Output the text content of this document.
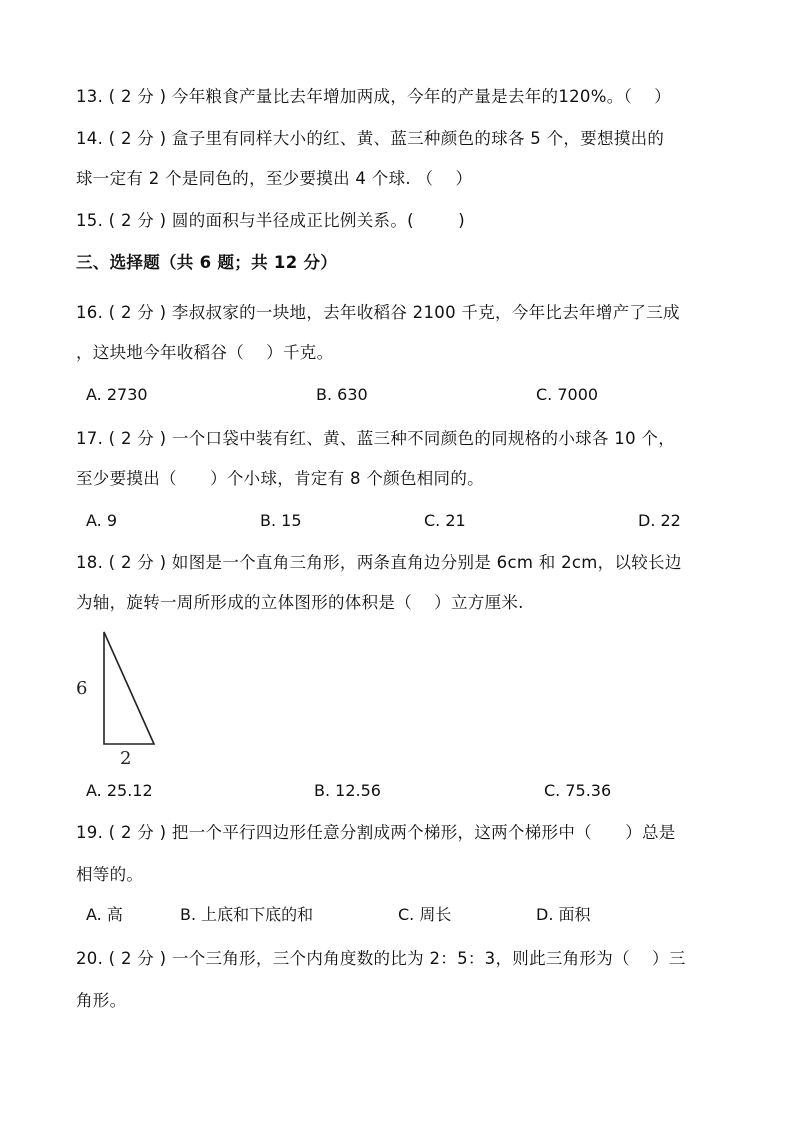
13. ( 2 分 ) 今年粮食产量比去年增加两成，今年的产量是去年的120%。（    ）
14. ( 2 分 ) 盒子里有同样大小的红、黄、蓝三种颜色的球各 5 个，要想摸出的
球一定有 2 个是同色的，至少要摸出 4 个球. （    ）
15. ( 2 分 ) 圆的面积与半径成正比例关系。(        )
三、选择题（共 6 题；共 12 分）
16. ( 2 分 ) 李叔叔家的一块地，去年收稻谷 2100 千克，今年比去年增产了三成
，这块地今年收稻谷（    ）千克。
A. 2730	B. 630	C. 7000
17. ( 2 分 ) 一个口袋中装有红、黄、蓝三种不同颜色的同规格的小球各 10 个，
至少要摸出（      ）个小球，肯定有 8 个颜色相同的。
A. 9	B. 15	C. 21	D. 22
18. ( 2 分 ) 如图是一个直角三角形，两条直角边分别是 6cm 和 2cm，以较长边
为轴，旋转一周所形成的立体图形的体积是（    ）立方厘米.
6
2
A. 25.12	B. 12.56	C. 75.36
19. ( 2 分 ) 把一个平行四边形任意分割成两个梯形，这两个梯形中（      ）总是
相等的。
A. 高	B. 上底和下底的和	C. 周长	D. 面积
20. ( 2 分 ) 一个三角形，三个内角度数的比为 2：5：3，则此三角形为（    ）三
角形。
